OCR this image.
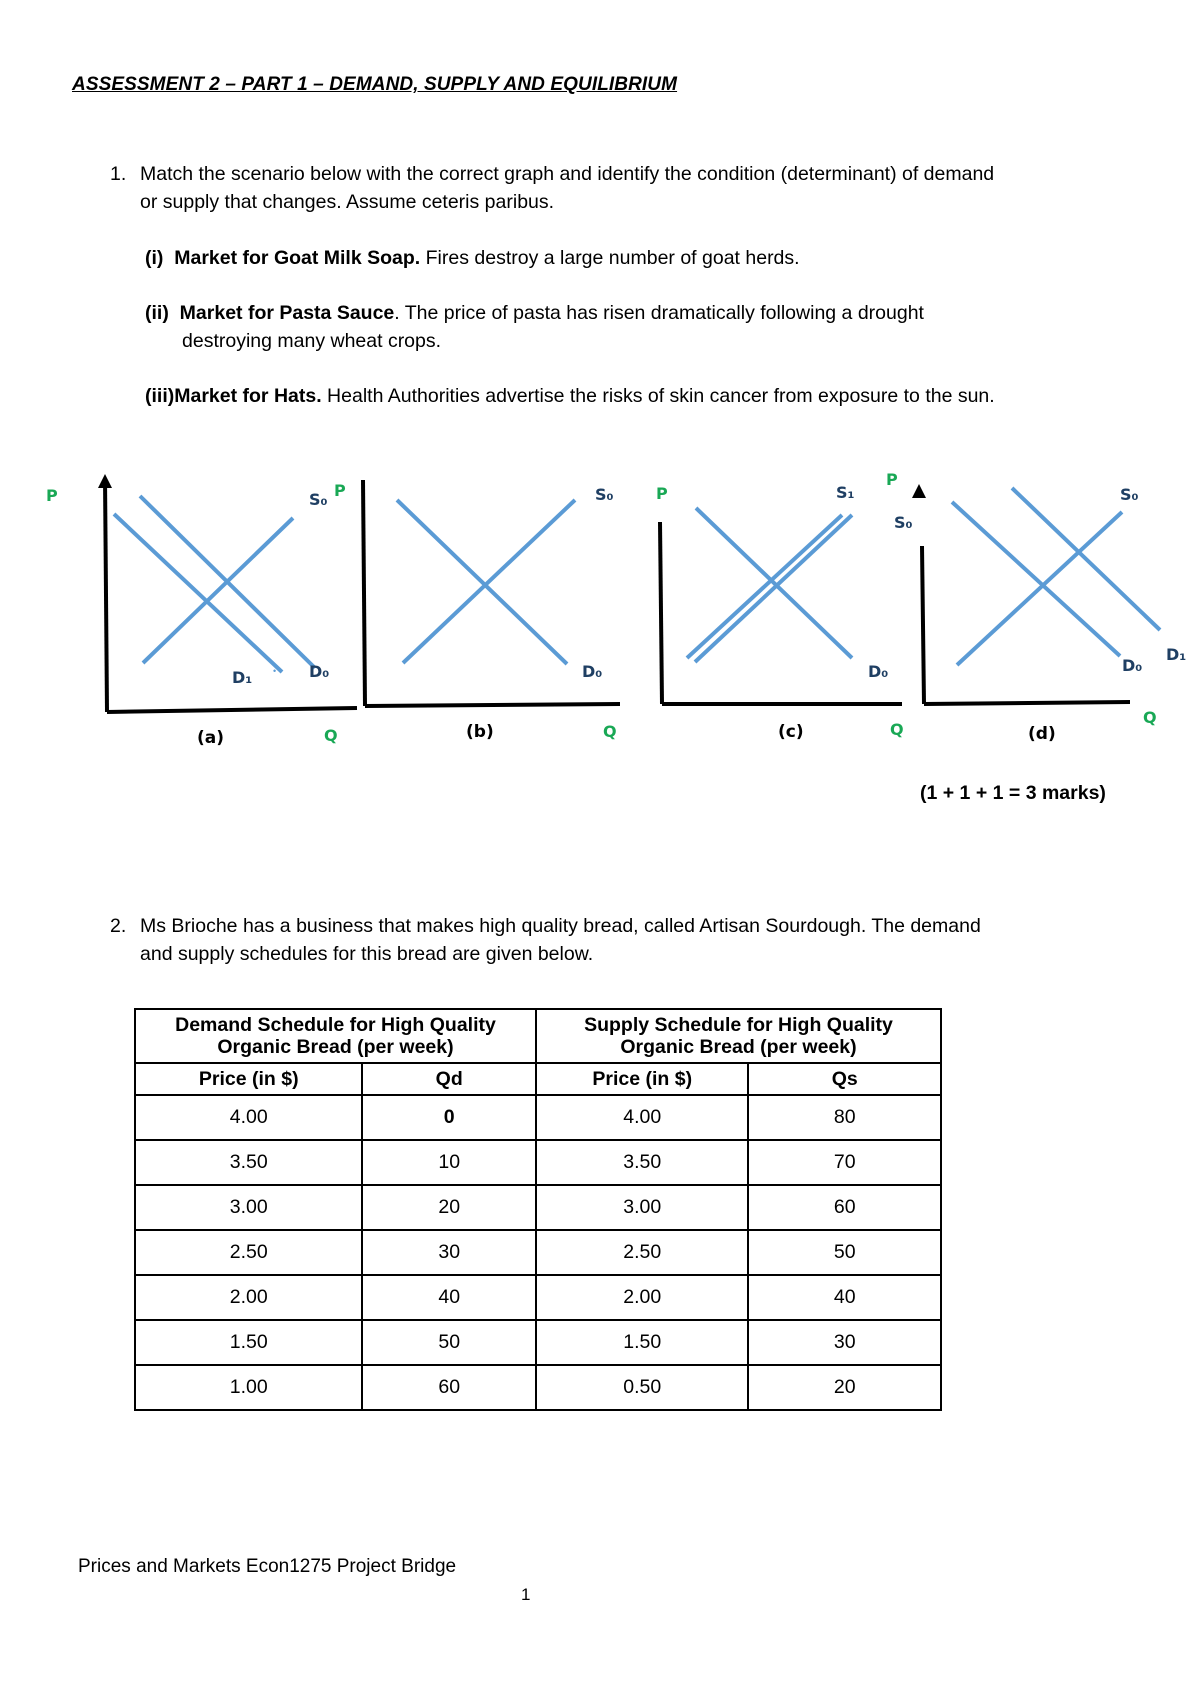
ASSESSMENT 2 – PART 1 – DEMAND, SUPPLY AND EQUILIBRIUM
1. Match the scenario below with the correct graph and identify the condition (determinant) of demand
or supply that changes. Assume ceteris paribus.
(i) Market for Goat Milk Soap. Fires destroy a large number of goat herds.
(ii) Market for Pasta Sauce. The price of pasta has risen dramatically following a drought
destroying many wheat crops.
(iii)Market for Hats. Health Authorities advertise the risks of skin cancer from exposure to the sun.
•
P	S₀
D₁	D₀
(a)	Q
P	S₀
D₀
(b)	Q
P	S₁
S₀
D₀
(c)	Q
P
S₀
D₀
D₁
(d)
Q
(1 + 1 + 1 = 3 marks)
2. Ms Brioche has a business that makes high quality bread, called Artisan Sourdough. The demand
and supply schedules for this bread are given below.
Demand Schedule for High Quality
Organic Bread (per week)		Supply Schedule for High Quality
Organic Bread (per week)	
Price (in $)	Qd	Price (in $)	Qs
4.00	0	4.00	80
3.50	10	3.50	70
3.00	20	3.00	60
2.50	30	2.50	50
2.00	40	2.00	40
1.50	50	1.50	30
1.00	60	0.50	20
Prices and Markets Econ1275 Project Bridge
1
